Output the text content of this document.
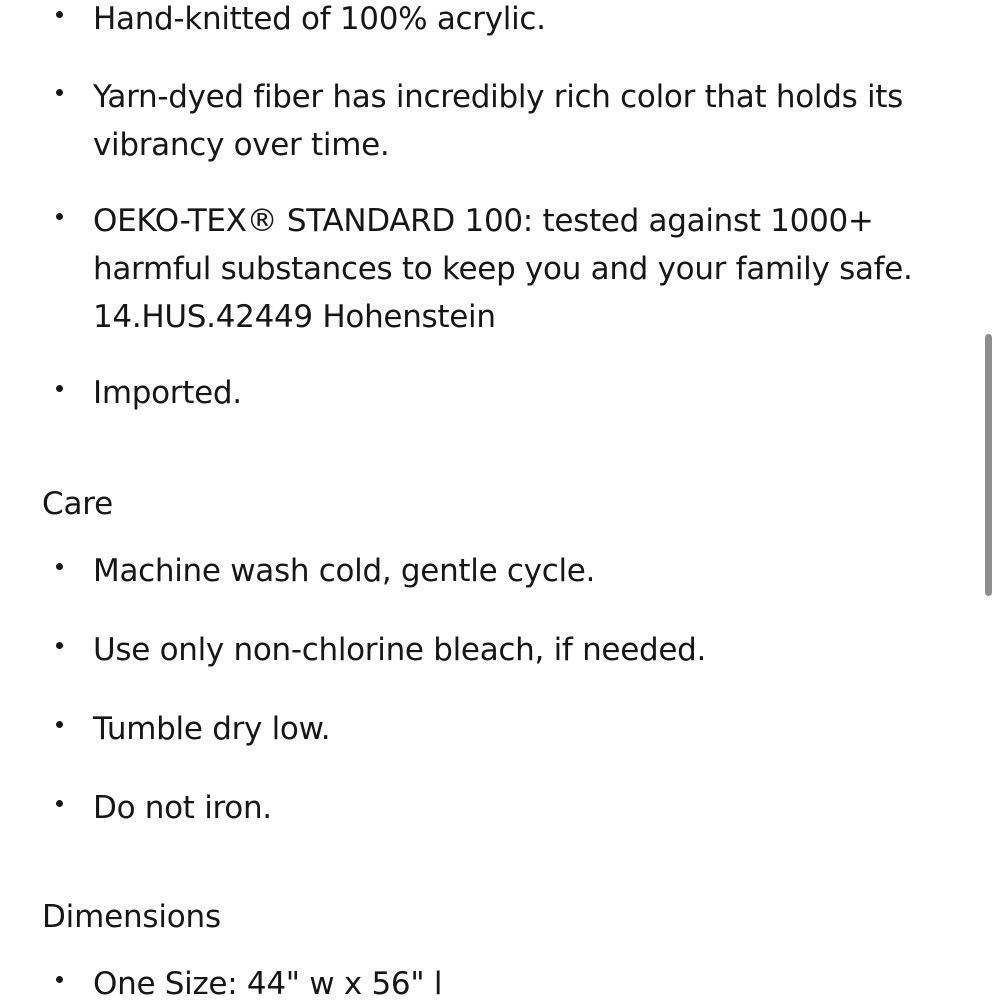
Hand-knitted of 100% acrylic.
Yarn-dyed fiber has incredibly rich color that holds its
vibrancy over time.
OEKO-TEX® STANDARD 100: tested against 1000+
harmful substances to keep you and your family safe.
14.HUS.42449 Hohenstein
Imported.
Care
Machine wash cold, gentle cycle.
Use only non-chlorine bleach, if needed.
Tumble dry low.
Do not iron.
Dimensions
One Size: 44" w x 56" l
